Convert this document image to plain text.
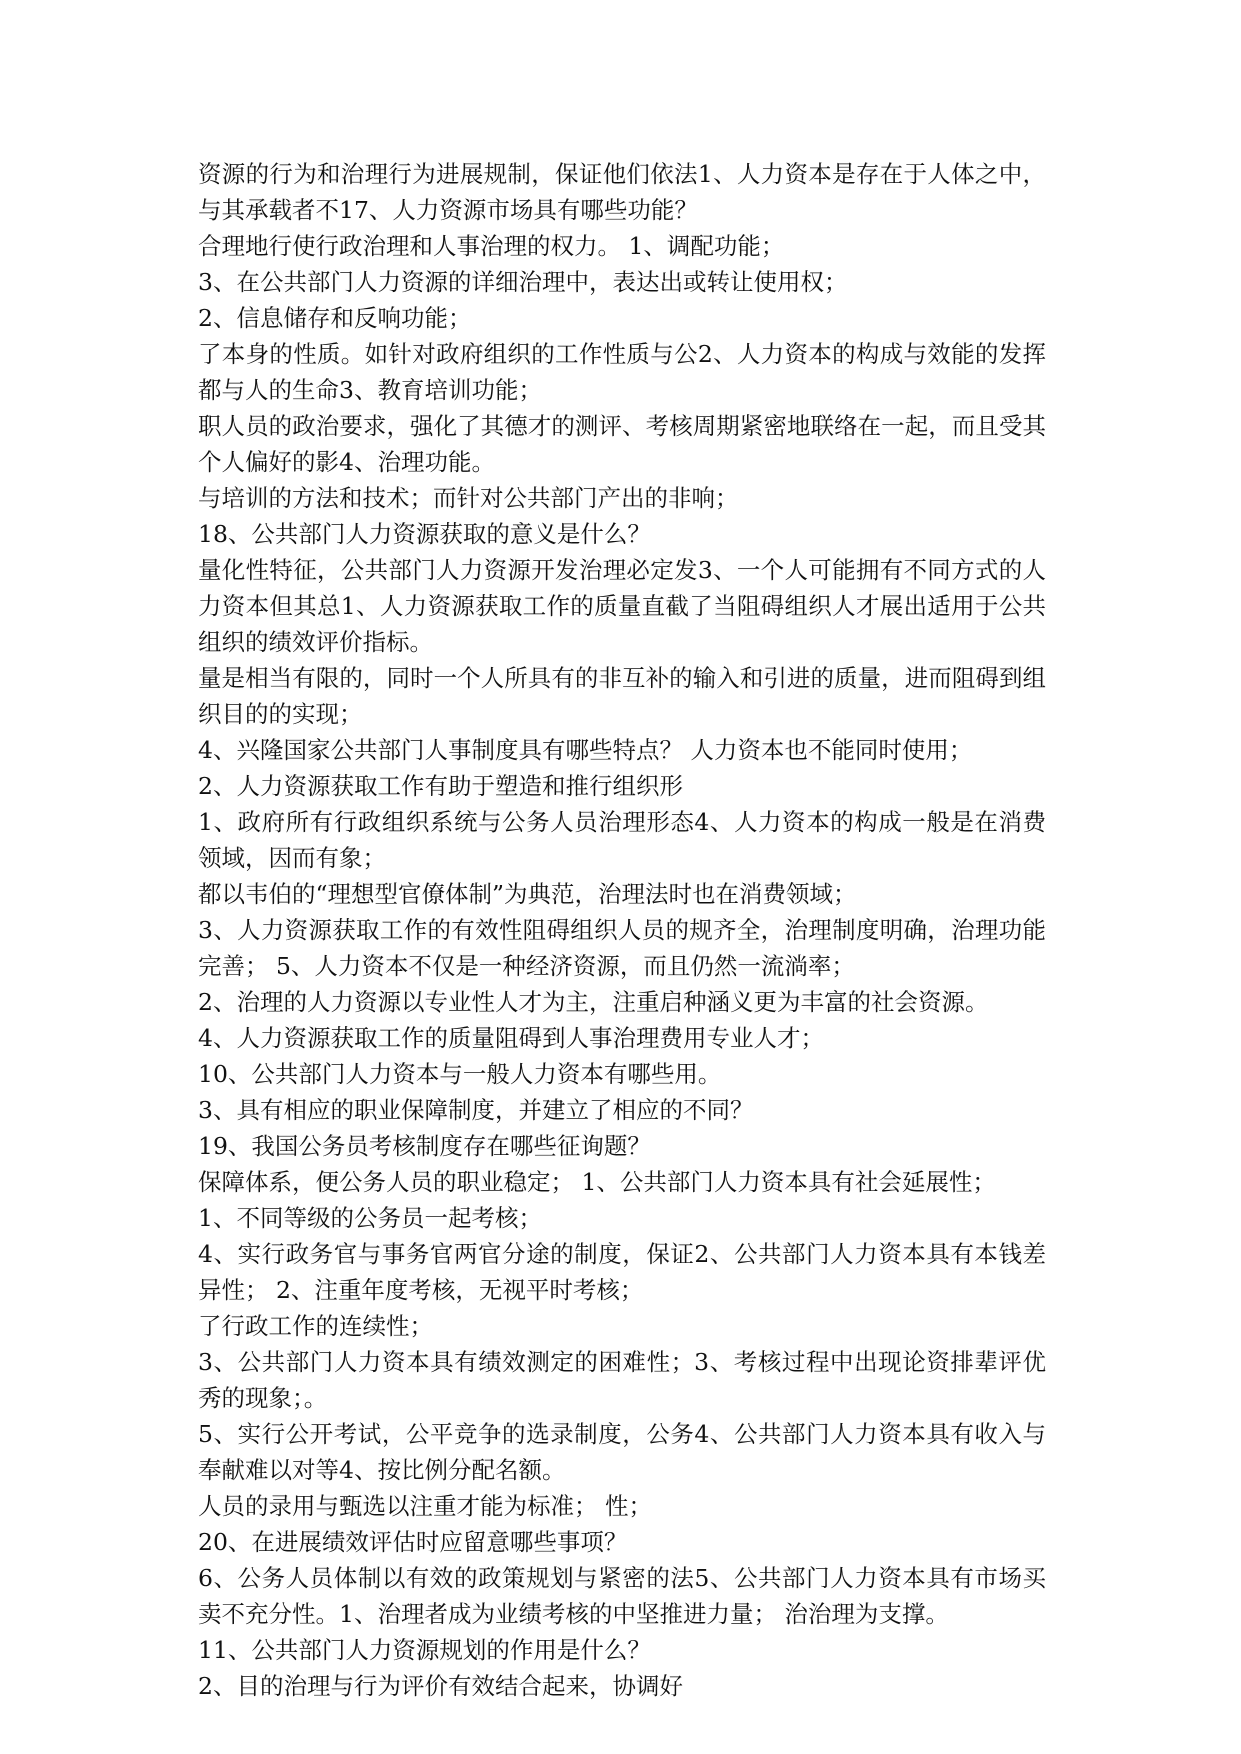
资源的行为和治理行为进展规制，保证他们依法1、人力资本是存在于人体之中，与其承载者不17、人力资源市场具有哪些功能？

合理地行使行政治理和人事治理的权力。 1、调配功能；

3、在公共部门人力资源的详细治理中，表达出或转让使用权；

2、信息储存和反响功能；

了本身的性质。如针对政府组织的工作性质与公2、人力资本的构成与效能的发挥都与人的生命3、教育培训功能；

职人员的政治要求，强化了其德才的测评、考核周期紧密地联络在一起，而且受其个人偏好的影4、治理功能。

与培训的方法和技术；而针对公共部门产出的非响；

18、公共部门人力资源获取的意义是什么？

量化性特征，公共部门人力资源开发治理必定发3、一个人可能拥有不同方式的人力资本但其总1、人力资源获取工作的质量直截了当阻碍组织人才展出适用于公共组织的绩效评价指标。

量是相当有限的，同时一个人所具有的非互补的输入和引进的质量，进而阻碍到组织目的的实现；

4、兴隆国家公共部门人事制度具有哪些特点？ 人力资本也不能同时使用；

2、人力资源获取工作有助于塑造和推行组织形

1、政府所有行政组织系统与公务人员治理形态4、人力资本的构成一般是在消费领域，因而有象；

都以韦伯的“理想型官僚体制”为典范，治理法时也在消费领域；

3、人力资源获取工作的有效性阻碍组织人员的规齐全，治理制度明确，治理功能完善； 5、人力资本不仅是一种经济资源，而且仍然一流淌率；

2、治理的人力资源以专业性人才为主，注重启种涵义更为丰富的社会资源。

4、人力资源获取工作的质量阻碍到人事治理费用专业人才；

10、公共部门人力资本与一般人力资本有哪些用。

3、具有相应的职业保障制度，并建立了相应的不同？

19、我国公务员考核制度存在哪些征询题？

保障体系，便公务人员的职业稳定； 1、公共部门人力资本具有社会延展性；

1、不同等级的公务员一起考核；

4、实行政务官与事务官两官分途的制度，保证2、公共部门人力资本具有本钱差异性； 2、注重年度考核，无视平时考核；

了行政工作的连续性；

3、公共部门人力资本具有绩效测定的困难性；3、考核过程中出现论资排辈评优秀的现象；。

5、实行公开考试，公平竞争的选录制度，公务4、公共部门人力资本具有收入与奉献难以对等4、按比例分配名额。

人员的录用与甄选以注重才能为标准； 性；

20、在进展绩效评估时应留意哪些事项？

6、公务人员体制以有效的政策规划与紧密的法5、公共部门人力资本具有市场买卖不充分性。1、治理者成为业绩考核的中坚推进力量； 治治理为支撑。

11、公共部门人力资源规划的作用是什么？

2、目的治理与行为评价有效结合起来，协调好
